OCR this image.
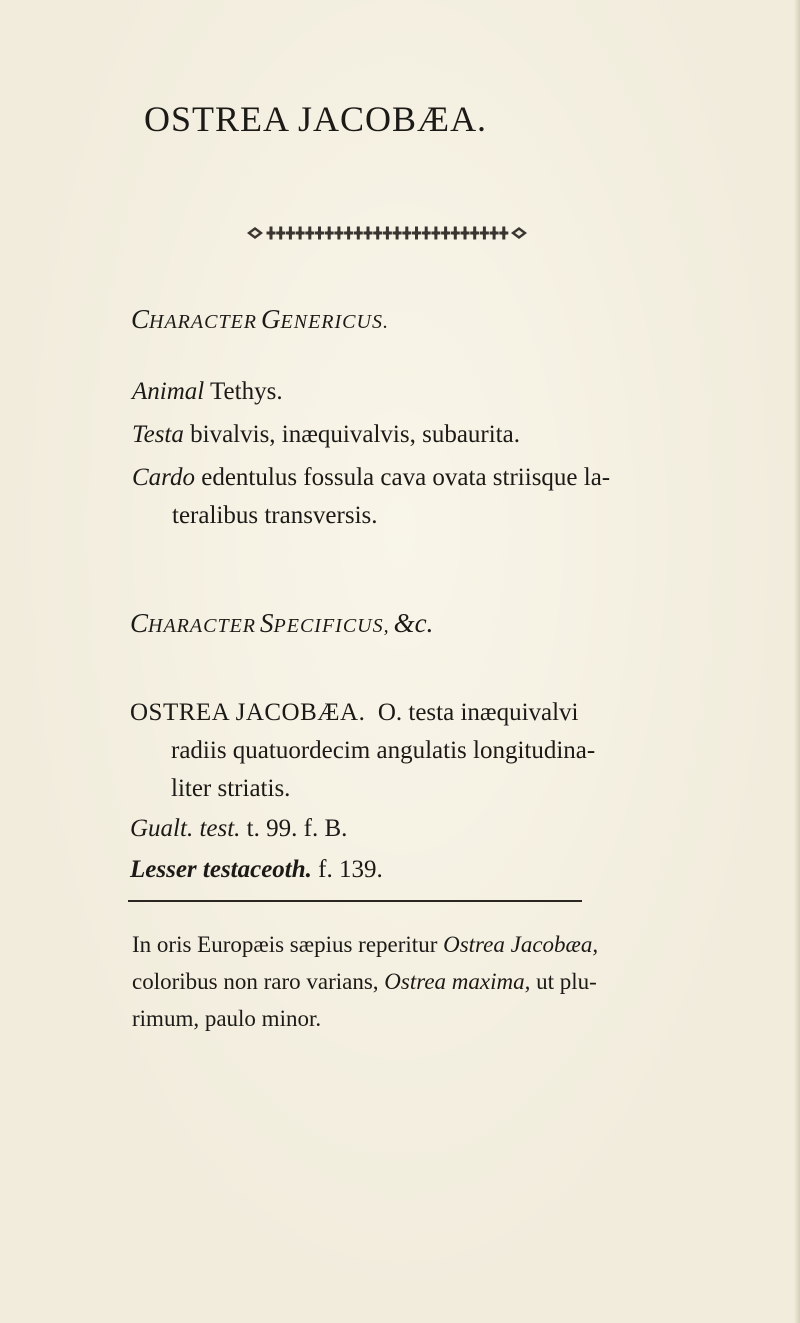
OSTREA JACOBÆA.
CHARACTER GENERICUS.
Animal Tethys.
Testa bivalvis, inæquivalvis, subaurita.
Cardo edentulus fossula cava ovata striisque la-
teralibus transversis.
CHARACTER SPECIFICUS, &c.
OSTREA JACOBÆA. O. testa inæquivalvi
radiis quatuordecim angulatis longitudina-
liter striatis.
Gualt. test. t. 99. f. B.
Lesser testaceoth. f. 139.
In oris Europæis sæpius reperitur Ostrea Jacobæa,
coloribus non raro varians, Ostrea maxima, ut plu-
rimum, paulo minor.
